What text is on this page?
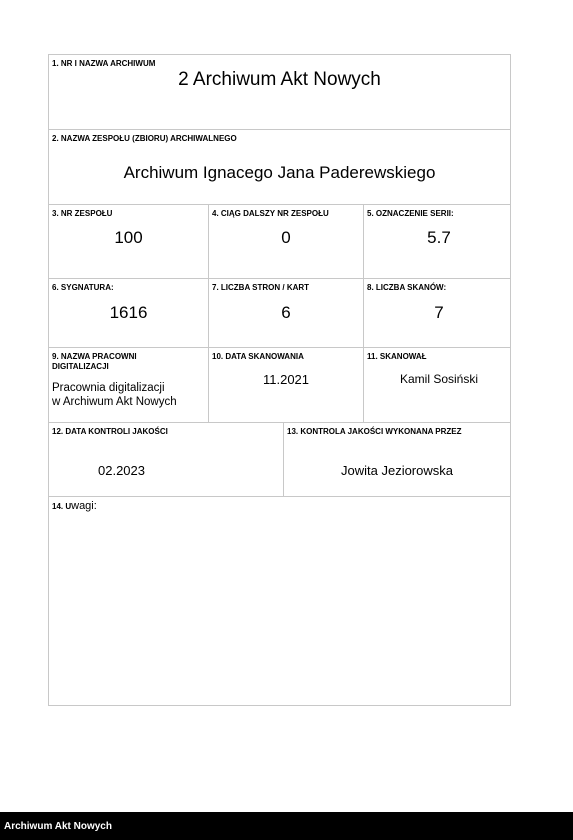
1. NR I NAZWA ARCHIWUM
2 Archiwum Akt Nowych
2. NAZWA ZESPOŁU (ZBIORU) ARCHIWALNEGO
Archiwum Ignacego Jana Paderewskiego
3. NR ZESPOŁU
100
4. CIĄG DALSZY NR ZESPOŁU
0
5. OZNACZENIE SERII:
5.7
6. SYGNATURA:
1616
7. LICZBA STRON / KART
6
8. LICZBA SKANÓW:
7
9. NAZWA PRACOWNI
DIGITALIZACJI
Pracownia digitalizacji
w Archiwum Akt Nowych
10. DATA SKANOWANIA
11.2021
11. SKANOWAŁ
Kamil Sosiński
12. DATA KONTROLI JAKOŚCI
02.2023
13. KONTROLA JAKOŚCI WYKONANA PRZEZ
Jowita Jeziorowska
14. Uwagi:
Archiwum Akt Nowych
